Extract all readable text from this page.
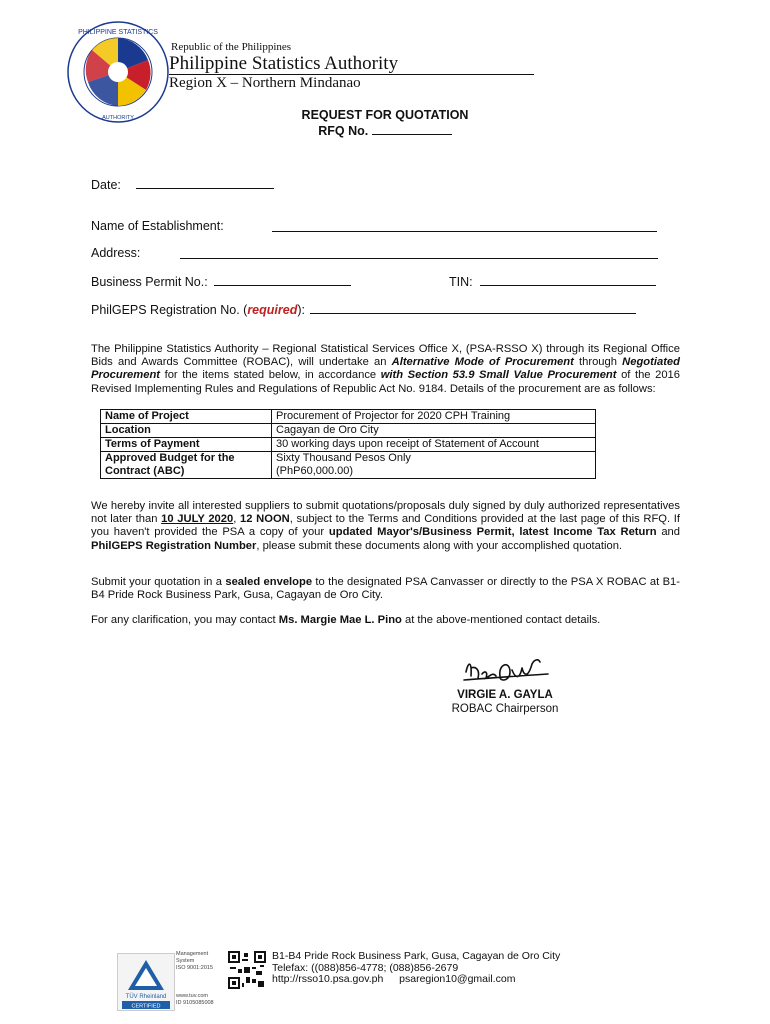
PHILIPPINE STATISTICS
AUTHORITY
Republic of the Philippines
Philippine Statistics Authority
Region X – Northern Mindanao
REQUEST FOR QUOTATION
RFQ No.
Date:
Name of Establishment:
Address:
Business Permit No.:	TIN:
PhilGEPS Registration No. (required):
The Philippine Statistics Authority – Regional Statistical Services Office X, (PSA-RSSO X) through its Regional Office Bids and Awards Committee (ROBAC), will undertake an Alternative Mode of Procurement through Negotiated Procurement for the items stated below, in accordance with Section 53.9 Small Value Procurement of the 2016 Revised Implementing Rules and Regulations of Republic Act No. 9184. Details of the procurement are as follows:
Name of Project	Procurement of Projector for 2020 CPH Training
Location	Cagayan de Oro City
Terms of Payment	30 working days upon receipt of Statement of Account
Approved Budget for the
Contract (ABC)	Sixty Thousand Pesos Only
(PhP60,000.00)
We hereby invite all interested suppliers to submit quotations/proposals duly signed by duly authorized representatives not later than 10 JULY 2020, 12 NOON, subject to the Terms and Conditions provided at the last page of this RFQ. If you haven't provided the PSA a copy of your updated Mayor's/Business Permit, latest Income Tax Return and PhilGEPS Registration Number, please submit these documents along with your accomplished quotation.
Submit your quotation in a sealed envelope to the designated PSA Canvasser or directly to the PSA X ROBAC at B1-B4 Pride Rock Business Park, Gusa, Cagayan de Oro City.
For any clarification, you may contact Ms. Margie Mae L. Pino at the above-mentioned contact details.
VIRGIE A. GAYLA
ROBAC Chairperson
TÜV Rheinland
CERTIFIED
Management
System
ISO 9001:2015
www.tuv.com
ID 9105085008
B1-B4 Pride Rock Business Park, Gusa, Cagayan de Oro City
Telefax: ((088)856-4778; (088)856-2679
http://rsso10.psa.gov.ph psaregion10@gmail.com
